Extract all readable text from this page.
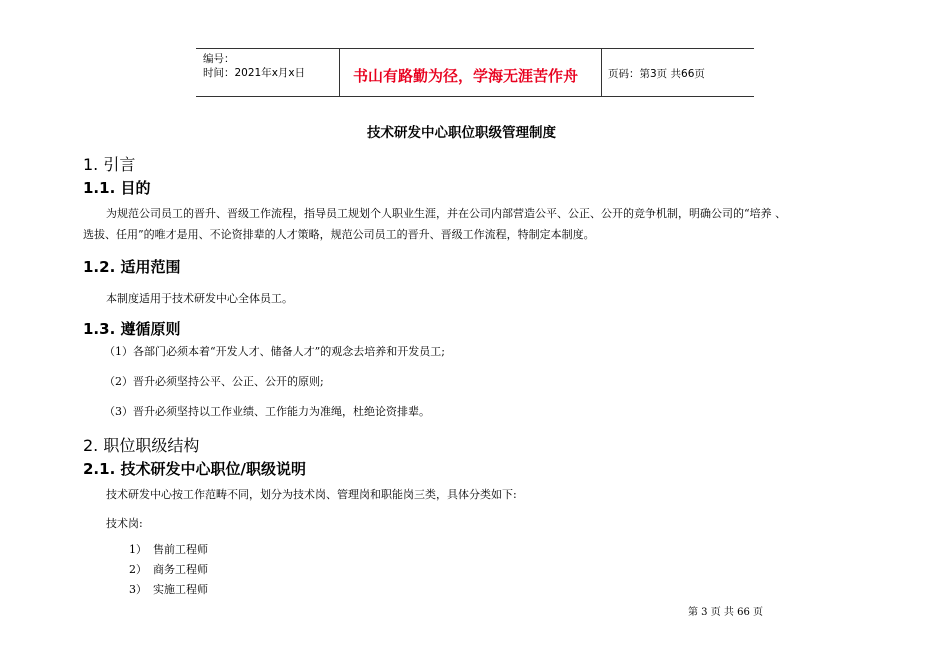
编号：
时间：2021年x月x日	书山有路勤为径，学海无涯苦作舟	页码：第3页 共66页
技术研发中心职位职级管理制度
1. 引言
1.1. 目的
为规范公司员工的晋升、晋级工作流程，指导员工规划个人职业生涯，并在公司内部营造公平、公正、公开的竞争机制，明确公司的“培养 、
选拔、任用”的唯才是用、不论资排辈的人才策略，规范公司员工的晋升、晋级工作流程，特制定本制度。
1.2. 适用范围
本制度适用于技术研发中心全体员工。
1.3. 遵循原则
（1）各部门必须本着“开发人才、储备人才”的观念去培养和开发员工;
（2）晋升必须坚持公平、公正、公开的原则;
（3）晋升必须坚持以工作业绩、工作能力为准绳，杜绝论资排辈。
2. 职位职级结构
2.1. 技术研发中心职位/职级说明
技术研发中心按工作范畴不同，划分为技术岗、管理岗和职能岗三类，具体分类如下:
技术岗:
1） 售前工程师
2） 商务工程师
3） 实施工程师
第 3 页 共 66 页
